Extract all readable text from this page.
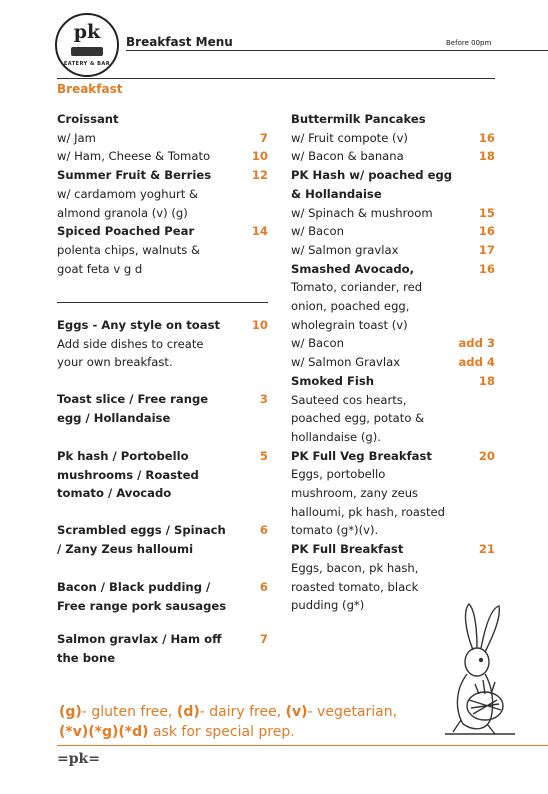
pk
EATERY & BAR
Breakfast Menu	Before 00pm
Breakfast
Croissant
w/ Jam	7
w/ Ham, Cheese & Tomato	10
Summer Fruit & Berries	12
w/ cardamom yoghurt &
almond granola (v) (g)
Spiced Poached Pear	14
polenta chips, walnuts &
goat feta v g d
Eggs - Any style on toast	10
Add side dishes to create
your own breakfast.
Toast slice / Free range	3
egg / Hollandaise
Pk hash / Portobello	5
mushrooms / Roasted
tomato / Avocado
Scrambled eggs / Spinach	6
/ Zany Zeus halloumi
Bacon / Black pudding /	6
Free range pork sausages
Salmon gravlax / Ham off	7
the bone
Buttermilk Pancakes
w/ Fruit compote (v)	16
w/ Bacon & banana	18
PK Hash w/ poached egg
& Hollandaise
w/ Spinach & mushroom	15
w/ Bacon	16
w/ Salmon gravlax	17
Smashed Avocado,	16
Tomato, coriander, red
onion, poached egg,
wholegrain toast (v)
w/ Bacon	add 3
w/ Salmon Gravlax	add 4
Smoked Fish	18
Sauteed cos hearts,
poached egg, potato &
hollandaise (g).
PK Full Veg Breakfast	20
Eggs, portobello
mushroom, zany zeus
halloumi, pk hash, roasted
tomato (g*)(v).
PK Full Breakfast	21
Eggs, bacon, pk hash,
roasted tomato, black
pudding (g*)
(g)- gluten free, (d)- dairy free, (v)- vegetarian,
(*v)(*g)(*d) ask for special prep.
=pk=
